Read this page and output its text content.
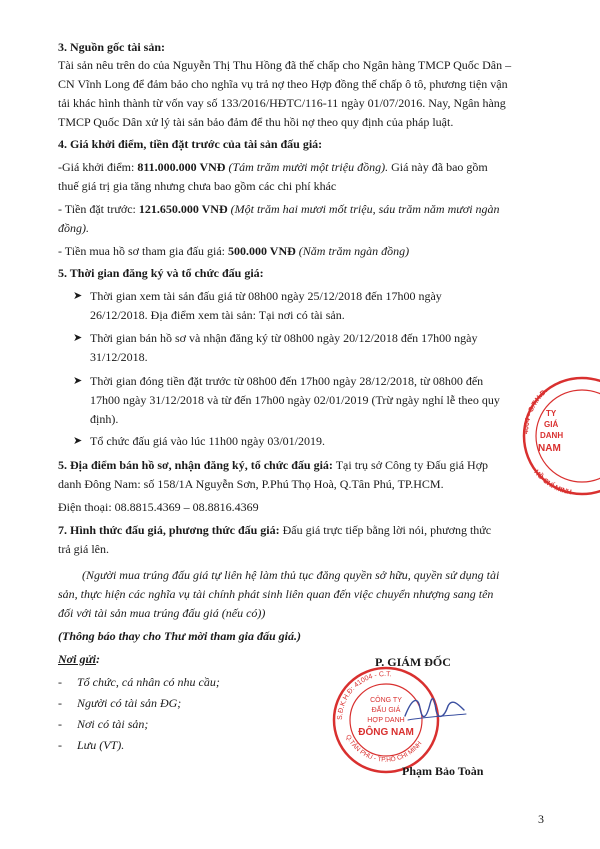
3. Nguồn gốc tài sản:
Tài sản nêu trên do của Nguyễn Thị Thu Hồng đã thế chấp cho Ngân hàng TMCP Quốc Dân –
CN Vĩnh Long để đảm bảo cho nghĩa vụ trả nợ theo Hợp đồng thế chấp ô tô, phương tiện vận
tải khác hình thành từ vốn vay số 133/2016/HĐTC/116-11 ngày 01/07/2016. Nay, Ngân hàng
TMCP Quốc Dân xử lý tài sản bảo đảm để thu hồi nợ theo quy định của pháp luật.
4. Giá khởi điểm, tiền đặt trước của tài sản đấu giá:
-Giá khởi điểm: 811.000.000 VNĐ (Tám trăm mười một triệu đồng). Giá này đã bao gồm
thuế giá trị gia tăng nhưng chưa bao gồm các chi phí khác
- Tiền đặt trước: 121.650.000 VNĐ (Một trăm hai mươi mốt triệu, sáu trăm năm mươi ngàn
đồng).
- Tiền mua hồ sơ tham gia đấu giá: 500.000 VNĐ (Năm trăm ngàn đồng)
5. Thời gian đăng ký và tổ chức đấu giá:
➤ Thời gian xem tài sản đấu giá từ 08h00 ngày 25/12/2018 đến 17h00 ngày
26/12/2018. Địa điểm xem tài sản: Tại nơi có tài sản.
➤ Thời gian bán hồ sơ và nhận đăng ký từ 08h00 ngày 20/12/2018 đến 17h00 ngày
31/12/2018.
➤ Thời gian đóng tiền đặt trước từ 08h00 đến 17h00 ngày 28/12/2018, từ 08h00 đến
17h00 ngày 31/12/2018 và từ đến 17h00 ngày 02/01/2019 (Trừ ngày nghỉ lễ theo quy
định).
➤ Tổ chức đấu giá vào lúc 11h00 ngày 03/01/2019.
5. Địa điểm bán hồ sơ, nhận đăng ký, tổ chức đấu giá: Tại trụ sở Công ty Đấu giá Hợp
danh Đông Nam: số 158/1A Nguyễn Sơn, P.Phú Thọ Hoà, Q.Tân Phú, TP.HCM.
Điện thoại: 08.8815.4369 – 08.8816.4369
7. Hình thức đấu giá, phương thức đấu giá: Đấu giá trực tiếp bằng lời nói, phương thức
trả giá lên.
(Người mua trúng đấu giá tự liên hệ làm thủ tục đăng quyền sở hữu, quyền sử dụng tài
sản, thực hiện các nghĩa vụ tài chính phát sinh liên quan đến việc chuyển nhượng sang tên
đối với tài sản mua trúng đấu giá (nếu có))
(Thông báo thay cho Thư mời tham gia đấu giá.)
Nơi gửi:
-     Tổ chức, cá nhân có nhu cầu;
-     Người có tài sản ĐG;
-     Nơi có tài sản;
-     Lưu (VT).
4004 - C.T.H.D.
HỒ CHÍ MINH
TY
GIÁ
DANH
NAM
P. GIÁM ĐỐC
S.Đ.K.H.Đ: 41004 - C.T.
Q.TÂN PHÚ - TP.HỒ CHÍ MINH
CÔNG TY
ĐẤU GIÁ
HỢP DANH
ĐÔNG NAM
Phạm Bảo Toàn
3
